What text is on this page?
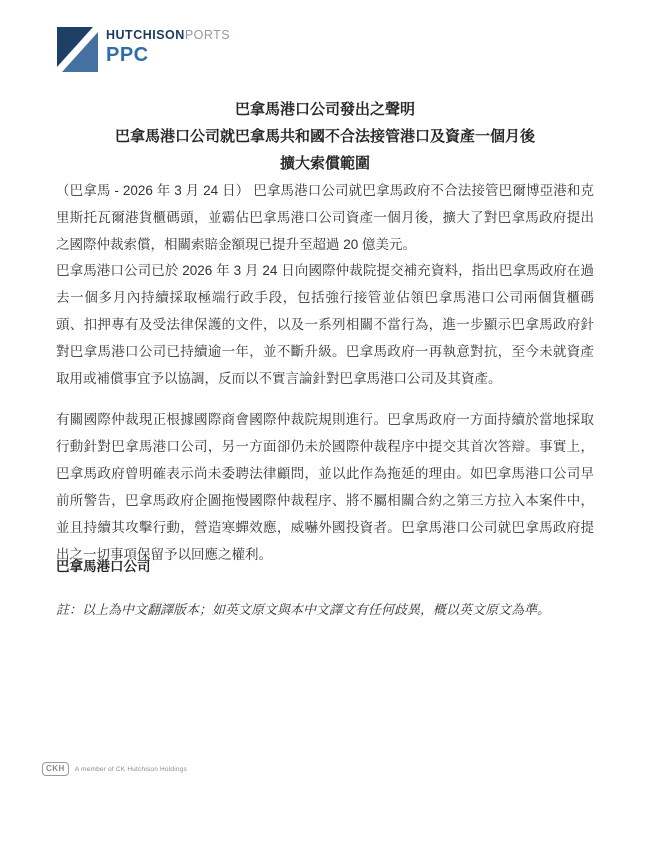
HUTCHISONPORTS
PPC
巴拿馬港口公司發出之聲明
巴拿馬港口公司就巴拿馬共和國不合法接管港口及資產一個月後
擴大索償範圍
（巴拿馬 - 2026 年 3 月 24 日） 巴拿馬港口公司就巴拿馬政府不合法接管巴爾博亞港和克里斯托瓦爾港貨櫃碼頭，並霸佔巴拿馬港口公司資產一個月後，擴大了對巴拿馬政府提出之國際仲裁索償，相關索賠金額現已提升至超過 20 億美元。
巴拿馬港口公司已於 2026 年 3 月 24 日向國際仲裁院提交補充資料，指出巴拿馬政府在過去一個多月內持續採取極端行政手段，包括強行接管並佔領巴拿馬港口公司兩個貨櫃碼頭、扣押專有及受法律保護的文件，以及一系列相關不當行為，進一步顯示巴拿馬政府針對巴拿馬港口公司已持續逾一年，並不斷升級。巴拿馬政府一再執意對抗，至今未就資產取用或補償事宜予以協調，反而以不實言論針對巴拿馬港口公司及其資產。
有關國際仲裁現正根據國際商會國際仲裁院規則進行。巴拿馬政府一方面持續於當地採取行動針對巴拿馬港口公司，另一方面卻仍未於國際仲裁程序中提交其首次答辯。事實上，巴拿馬政府曾明確表示尚未委聘法律顧問，並以此作為拖延的理由。如巴拿馬港口公司早前所警告，巴拿馬政府企圖拖慢國際仲裁程序、將不屬相關合約之第三方拉入本案件中，並且持續其攻擊行動，營造寒蟬效應，威嚇外國投資者。巴拿馬港口公司就巴拿馬政府提出之一切事項保留予以回應之權利。
巴拿馬港口公司
註：以上為中文翻譯版本；如英文原文與本中文譯文有任何歧異，概以英文原文為準。
CKH	A member of CK Hutchison Holdings
